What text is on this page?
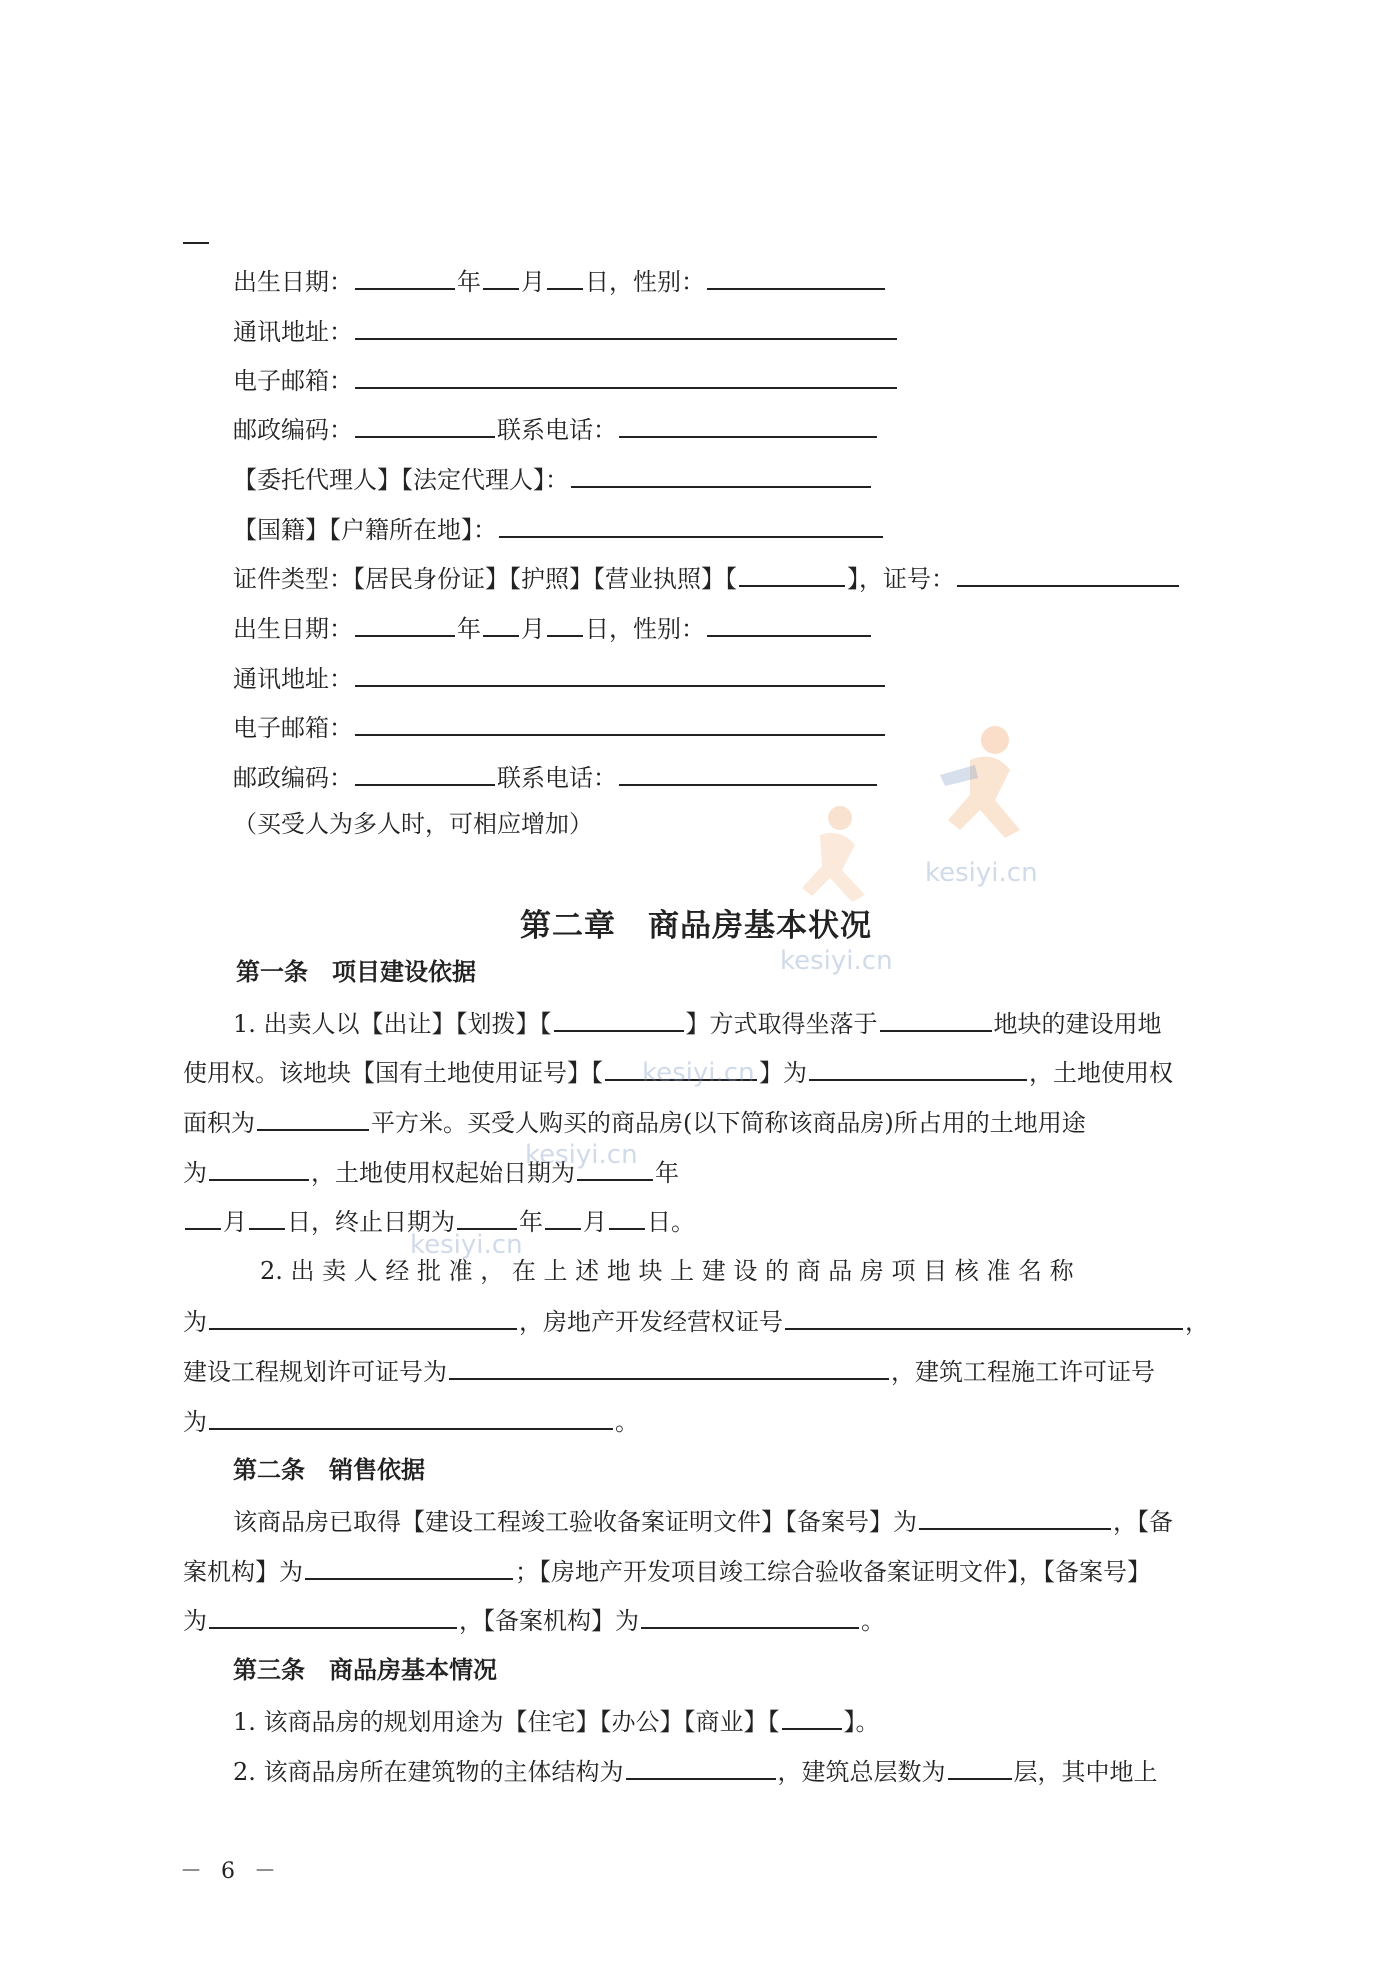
出生日期：	年 月 日，性别：
通讯地址：
电子邮箱：
邮政编码：	联系电话：
【委托代理人】【法定代理人】：
【国籍】【户籍所在地】：
证件类型：【居民身份证】【护照】【营业执照】【	】，证号：
出生日期：	年 月 日，性别：
通讯地址：
电子邮箱：
邮政编码：	联系电话：
（买受人为多人时，可相应增加）
第二章　商品房基本状况
第一条　项目建设依据
1. 出卖人以【出让】【划拨】【	】方式取得坐落于	地块的建设用地
使用权。该地块【国有土地使用证号】【	】为	，土地使用权
面积为	平方米。买受人购买的商品房(以下简称该商品房)所占用的土地用途
为	，土地使用权起始日期为	年
月 日，终止日期为	年 月 日。
2. 出 卖 人 经 批 准 ， 在 上 述 地 块 上 建 设 的 商 品 房 项 目 核 准 名 称
为	，房地产开发经营权证号	，
建设工程规划许可证号为	，建筑工程施工许可证号
为	。
第二条　销售依据
该商品房已取得【建设工程竣工验收备案证明文件】【备案号】为	，【备
案机构】为	；【房地产开发项目竣工综合验收备案证明文件】，【备案号】
为	，【备案机构】为	。
第三条　商品房基本情况
1. 该商品房的规划用途为【住宅】【办公】【商业】【	】。
2. 该商品房所在建筑物的主体结构为	，建筑总层数为	层，其中地上
－ 6 －
kesiyi.cn
kesiyi.cn
kesiyi.cn
kesiyi.cn
kesiyi.cn
